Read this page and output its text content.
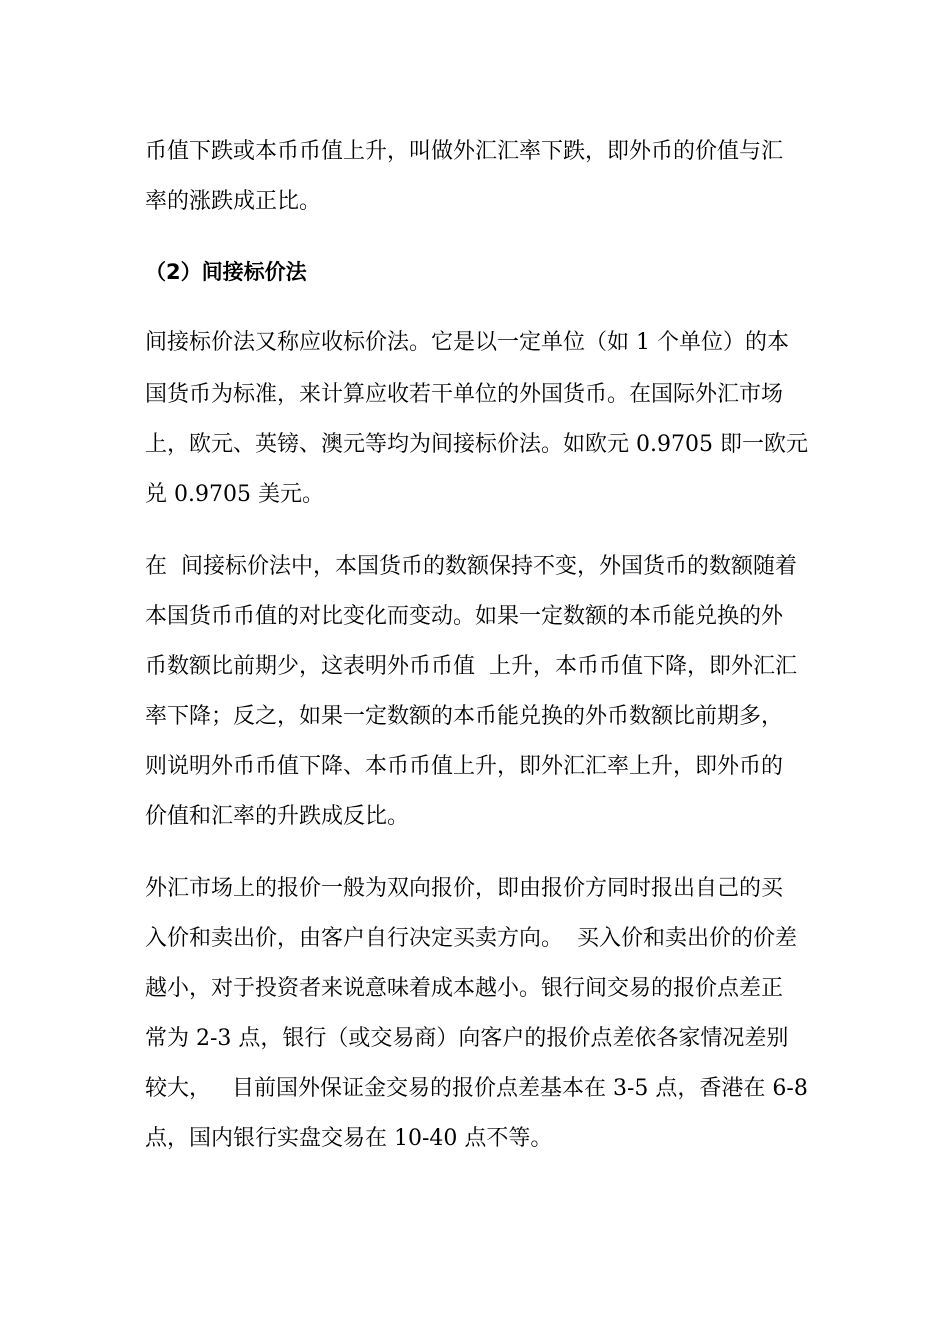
币值下跌或本币币值上升，叫做外汇汇率下跌，即外币的价值与汇
率的涨跌成正比。
（2）间接标价法
间接标价法又称应收标价法。它是以一定单位（如 1 个单位）的本
国货币为标准，来计算应收若干单位的外国货币。在国际外汇市场
上，欧元、英镑、澳元等均为间接标价法。如欧元 0.9705 即一欧元
兑 0.9705 美元。
在  间接标价法中，本国货币的数额保持不变，外国货币的数额随着
本国货币币值的对比变化而变动。如果一定数额的本币能兑换的外
币数额比前期少，这表明外币币值  上升，本币币值下降，即外汇汇
率下降；反之，如果一定数额的本币能兑换的外币数额比前期多，
则说明外币币值下降、本币币值上升，即外汇汇率上升，即外币的
价值和汇率的升跌成反比。
外汇市场上的报价一般为双向报价，即由报价方同时报出自己的买
入价和卖出价，由客户自行决定买卖方向。  买入价和卖出价的价差
越小，对于投资者来说意味着成本越小。银行间交易的报价点差正
常为 2-3 点，银行（或交易商）向客户的报价点差依各家情况差别
较大，   目前国外保证金交易的报价点差基本在 3-5 点，香港在 6-8
点，国内银行实盘交易在 10-40 点不等。
